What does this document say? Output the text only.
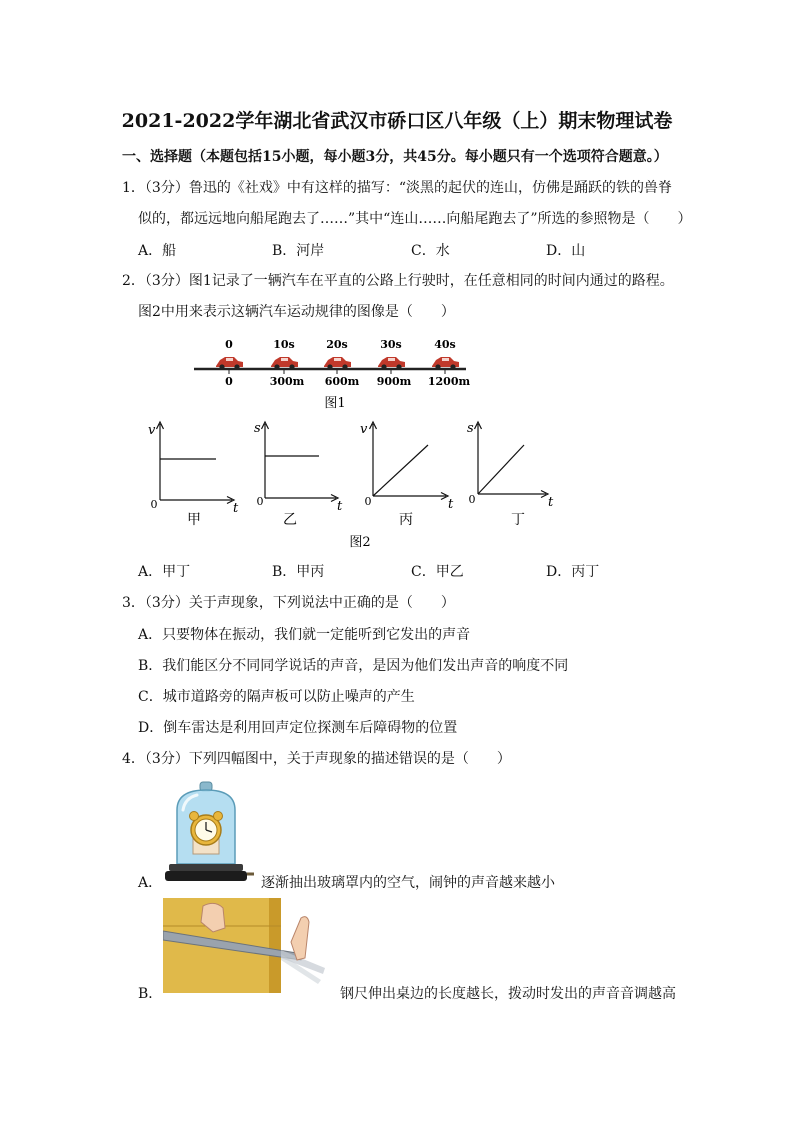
2021-2022学年湖北省武汉市硚口区八年级（上）期末物理试卷
一、选择题（本题包括15小题，每小题3分，共45分。每小题只有一个选项符合题意。）
1．（3分）鲁迅的《社戏》中有这样的描写：“淡黑的起伏的连山，仿佛是踊跃的铁的兽脊
似的，都远远地向船尾跑去了……”其中“连山……向船尾跑去了”所选的参照物是（　　）
A．船	B．河岸	C．水	D．山
2．（3分）图1记录了一辆汽车在平直的公路上行驶时，在任意相同的时间内通过的路程。
图2中用来表示这辆汽车运动规律的图像是（　　）
0	10s	20s	30s	40s
0	300m 600m 900m 1200m
图1
v
t
0
甲
s
t
0
乙
v
t
0
丙
s
t
0
丁
图2
A．甲丁	B．甲丙	C．甲乙	D．丙丁
3．（3分）关于声现象，下列说法中正确的是（　　）
A．只要物体在振动，我们就一定能听到它发出的声音
B．我们能区分不同同学说话的声音，是因为他们发出声音的响度不同
C．城市道路旁的隔声板可以防止噪声的产生
D．倒车雷达是利用回声定位探测车后障碍物的位置
4．（3分）下列四幅图中，关于声现象的描述错误的是（　　）
A．	逐渐抽出玻璃罩内的空气，闹钟的声音越来越小
B．	钢尺伸出桌边的长度越长，拨动时发出的声音音调越高
